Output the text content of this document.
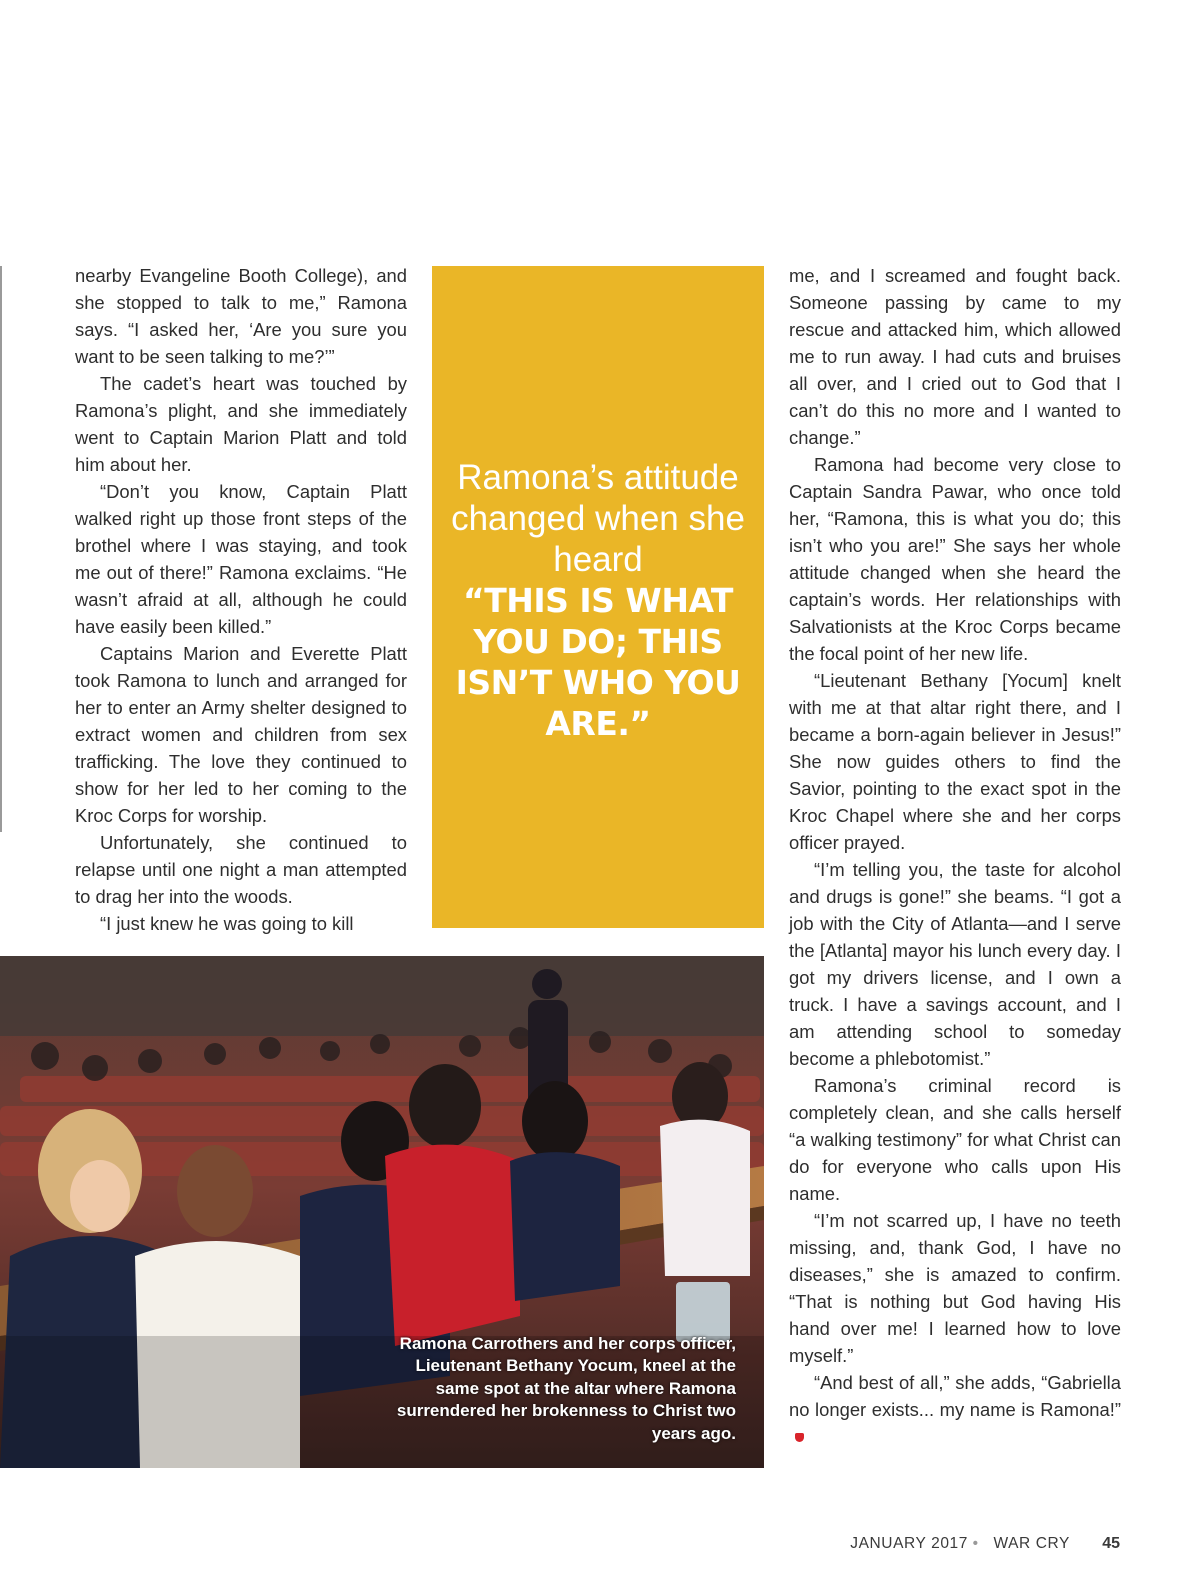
nearby Evangeline Booth College), and she stopped to talk to me,” Ramona says. “I asked her, ‘Are you sure you want to be seen talking to me?’”

The cadet’s heart was touched by Ramona’s plight, and she immediately went to Captain Marion Platt and told him about her.

“Don’t you know, Captain Platt walked right up those front steps of the brothel where I was staying, and took me out of there!” Ramona exclaims. “He wasn’t afraid at all, although he could have easily been killed.”

Captains Marion and Everette Platt took Ramona to lunch and arranged for her to enter an Army shelter designed to extract women and children from sex trafficking. The love they continued to show for her led to her coming to the Kroc Corps for worship.

Unfortunately, she continued to relapse until one night a man attempted to drag her into the woods.

“I just knew he was going to kill

Ramona’s attitude changed when she heard

“THIS IS WHAT YOU DO; THIS ISN’T WHO YOU ARE.”

Ramona Carrothers and her corps officer, Lieutenant Bethany Yocum, kneel at the same spot at the altar where Ramona surrendered her brokenness to Christ two years ago.

me, and I screamed and fought back. Someone passing by came to my rescue and attacked him, which allowed me to run away. I had cuts and bruises all over, and I cried out to God that I can’t do this no more and I wanted to change.”

Ramona had become very close to Captain Sandra Pawar, who once told her, “Ramona, this is what you do; this isn’t who you are!” She says her whole attitude changed when she heard the captain’s words. Her relationships with Salvationists at the Kroc Corps became the focal point of her new life.

“Lieutenant Bethany [Yocum] knelt with me at that altar right there, and I became a born-again believer in Jesus!” She now guides others to find the Savior, pointing to the exact spot in the Kroc Chapel where she and her corps officer prayed.

“I’m telling you, the taste for alcohol and drugs is gone!” she beams. “I got a job with the City of Atlanta—and I serve the [Atlanta] mayor his lunch every day. I got my drivers license, and I own a truck. I have a savings account, and I am attending school to someday become a phlebotomist.”

Ramona’s criminal record is completely clean, and she calls herself “a walking testimony” for what Christ can do for everyone who calls upon His name.

“I’m not scarred up, I have no teeth missing, and, thank God, I have no diseases,” she is amazed to confirm. “That is nothing but God having His hand over me! I learned how to love myself.”

“And best of all,” she adds, “Gabriella no longer exists... my name is Ramona!”

JANUARY 2017 • WAR CRY 45
